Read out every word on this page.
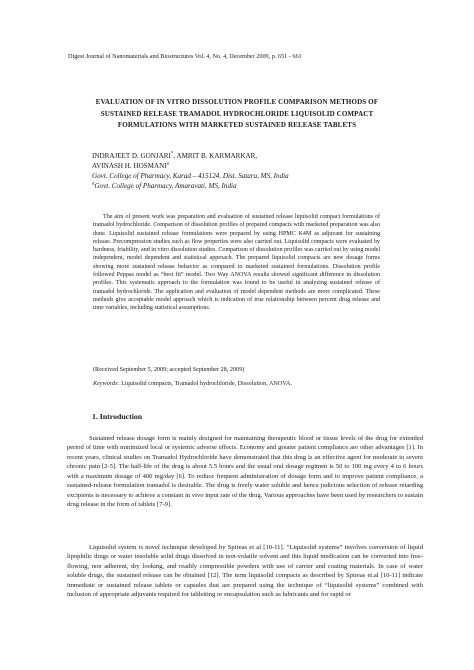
Digest Journal of Nanomaterials and Biostructures Vol. 4, No. 4, December 2009, p. 651 - 661
EVALUATION OF IN VITRO DISSOLUTION PROFILE COMPARISON METHODS OF
SUSTAINED RELEASE TRAMADOL HYDROCHLORIDE LIQUISOLID COMPACT
FORMULATIONS WITH MARKETED SUSTAINED RELEASE TABLETS
INDRAJEET D. GONJARI*, AMRIT B. KARMARKAR,
AVINASH H. HOSMANI$^a$
Govt. College of Pharmacy, Karad – 415124, Dist. Satara, MS, India
$^a$Govt. College of Pharmacy, Amaravati, MS, India
The aim of present work was preparation and evaluation of sustained release liquisolid compact formulations of tramadol hydrochloride. Comparison of dissolution profiles of prepared compacts with marketed preparation was also done. Liquisolid sustained release formulations were prepared by using HPMC K4M as adjuvant for sustaining release. Precompression studies such as flow properties were also carried out. Liquisolid compacts were evaluated by hardness, friability, and in vitro dissolution studies. Comparison of dissolution profiles was carried out by using model independent, model dependent and statistical approach. The prepared liquisolid compacts are new dosage forms showing more sustained release behavior as compared to marketed sustained formulations. Dissolution profile followed Peppas model as “best fit” model. Two Way ANOVA results showed significant difference in dissolution profiles. This systematic approach to the formulation was found to be useful in analyzing sustained release of tramadol hydrochloride. The application and evaluation of model dependent methods are more complicated. These methods give acceptable model approach which is indication of true relationship between percent drug release and time variables, including statistical assumptions.
(Received September 5, 2009; accepted September 28, 2009)
Keywords: Liquisolid compacts, Tramadol hydrochloride, Dissolution, ANOVA.
1. Introduction
Sustained release dosage form is mainly designed for maintaining therapeutic blood or tissue levels of the drug for extended period of time with minimized local or systemic adverse effects. Economy and greater patient compliance are other advantages [1]. In recent years, clinical studies on Tramadol Hydrochloride have demonstrated that this drug is an effective agent for moderate to severe chronic pain [2-5]. The half-life of the drug is about 5.5 hours and the usual oral dosage regimen is 50 to 100 mg every 4 to 6 hours with a maximum dosage of 400 mg/day [6]. To reduce frequent administration of dosage form and to improve patient compliance, a sustained-release formulation tramadol is desirable. The drug is freely water soluble and hence judicious selection of release retarding excipients is necessary to achieve a constant in vivo input rate of the drug. Various approaches have been used by researchers to sustain drug release in the form of tablets [7-9].
Liquisolid system is novel technique developed by Spireas et al [10-11]. “Liquisolid systems” involves conversion of liquid lipophilic drugs or water insoluble solid drugs dissolved in non-volatile solvent and this liquid medication can be converted into free-flowing, non adherent, dry looking, and readily compressible powders with use of carrier and coating materials. In case of water soluble drugs, the sustained release can be obtained [12]. The term liquisolid compacts as described by Spireas et.al [10-11] indicate immediate or sustained release tablets or capsules that are prepared using the technique of “liquisolid systems” combined with inclusion of appropriate adjuvants required for tabletting or encapsulation such as lubricants and for rapid or
